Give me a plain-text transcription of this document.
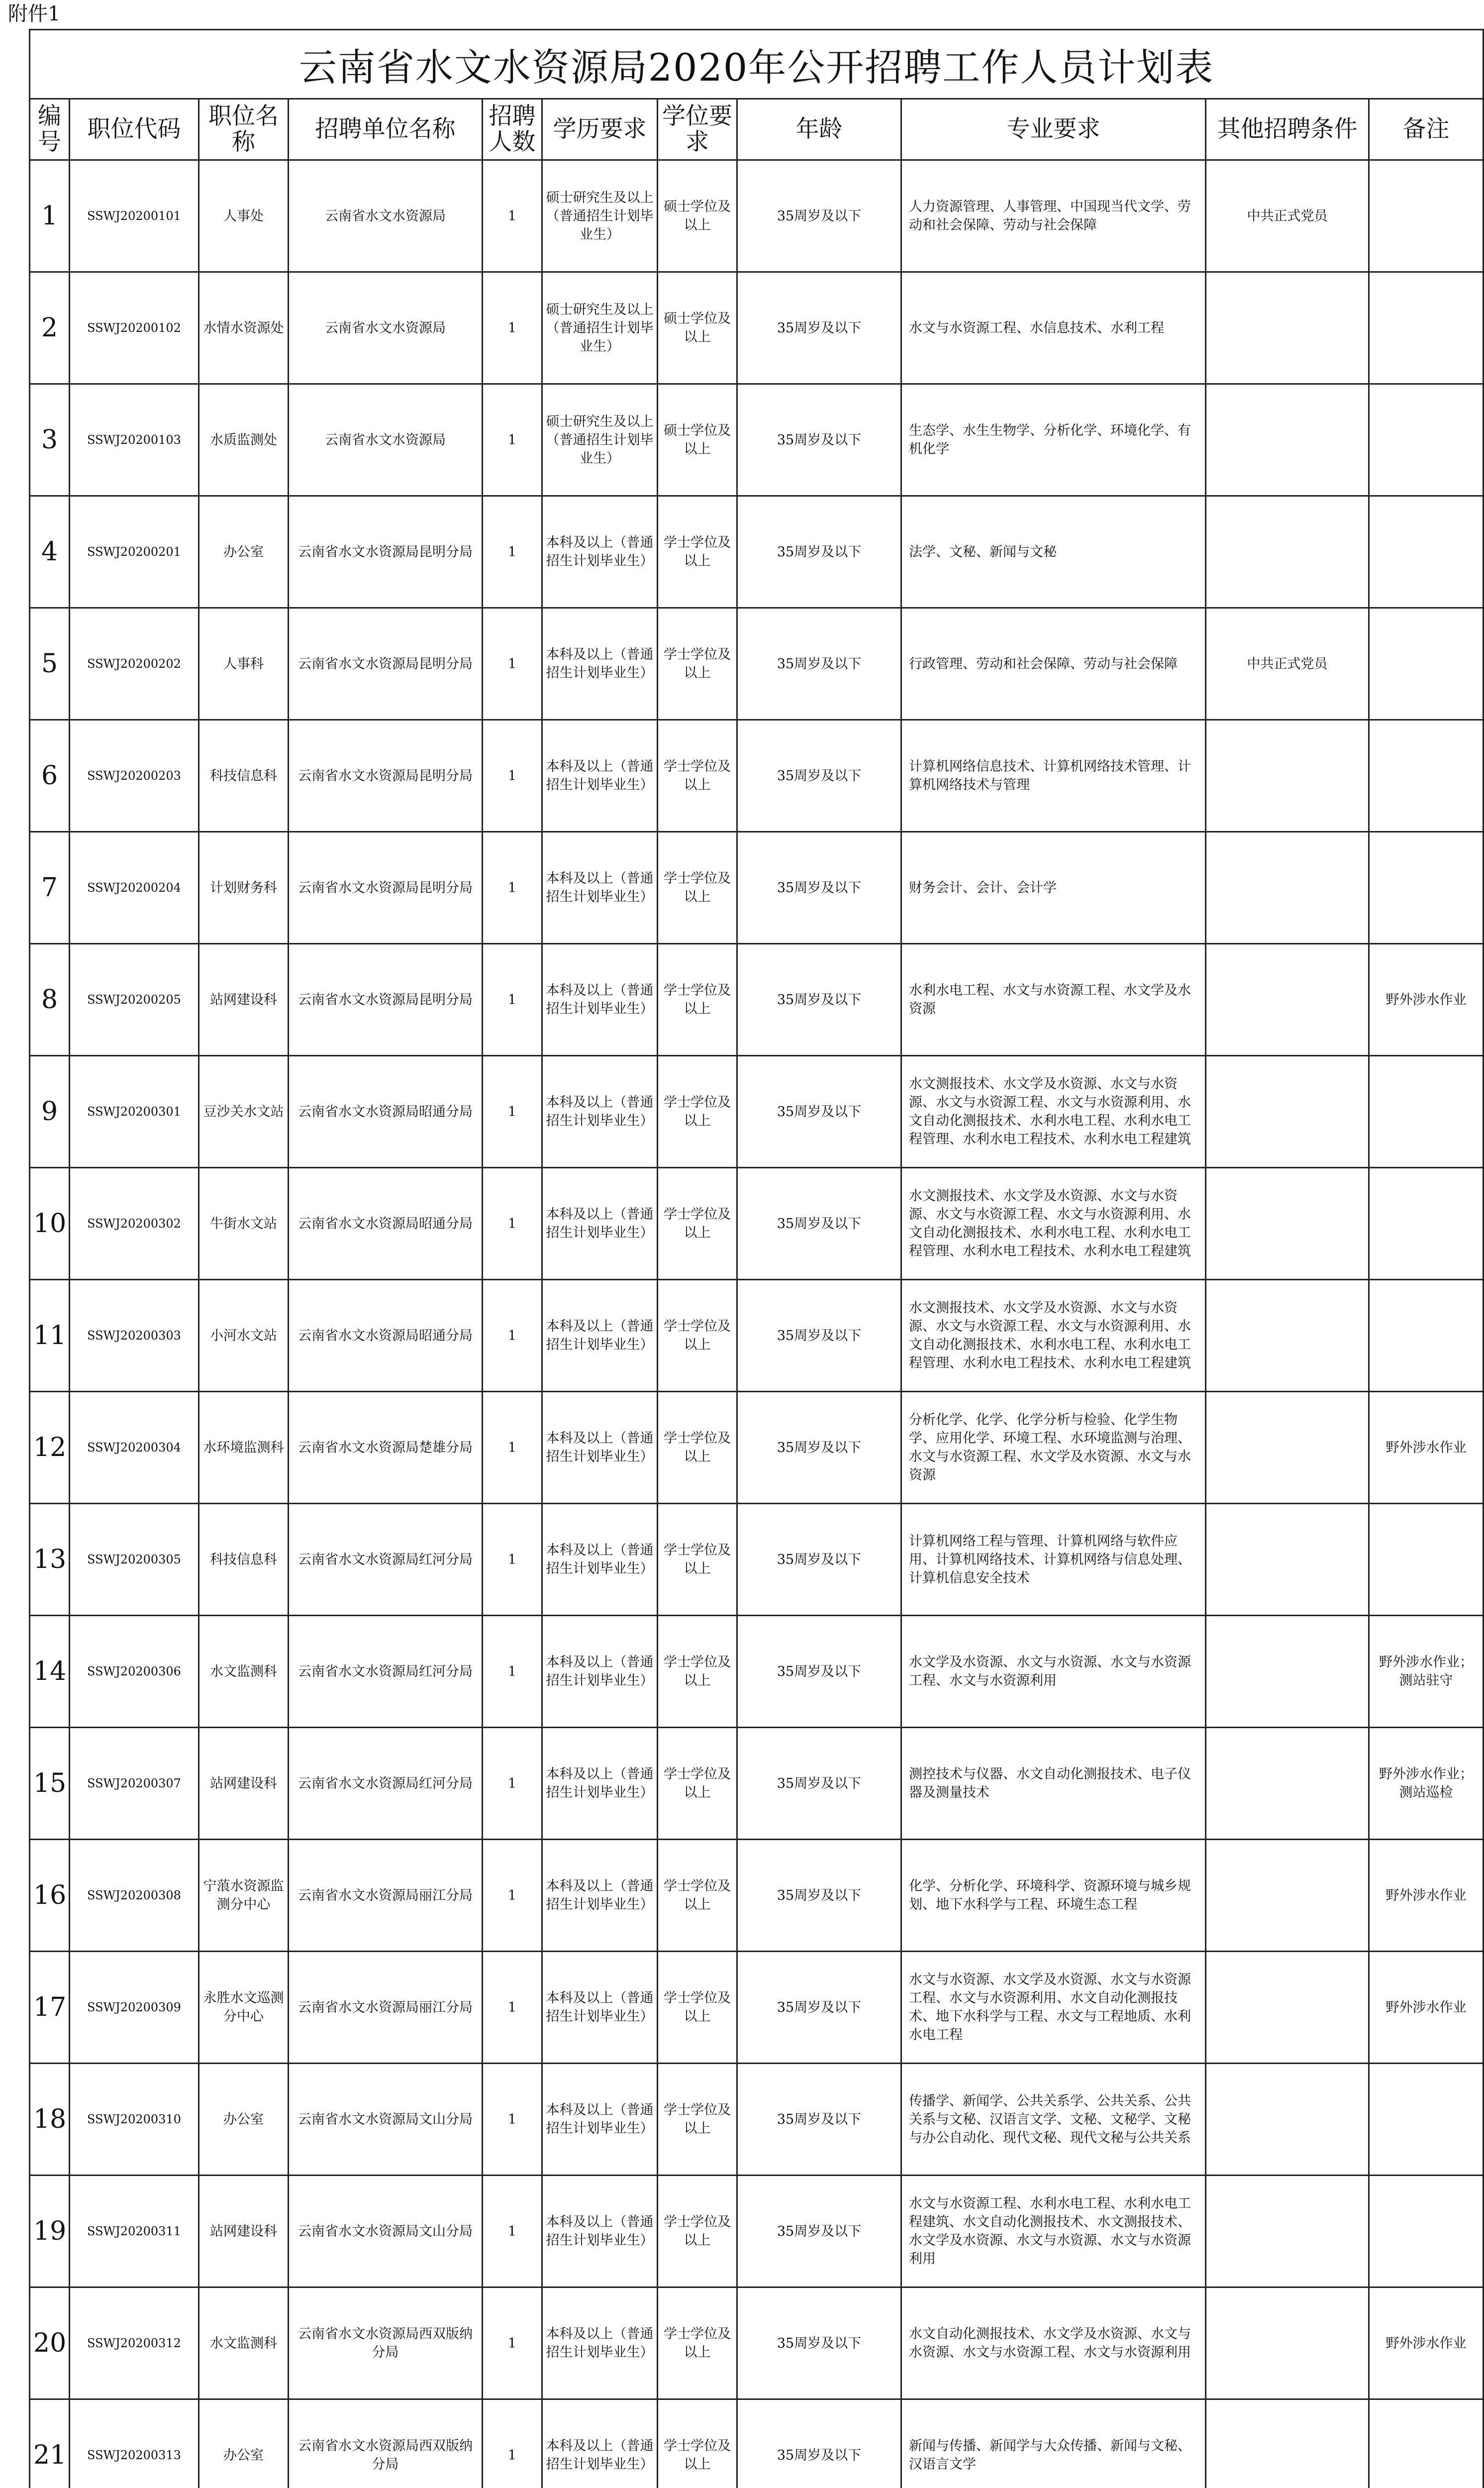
附件1
云南省水文水资源局2020年公开招聘工作人员计划表										
编号	职位代码	职位名称	招聘单位名称	招聘人数	学历要求	学位要求	年龄	专业要求	其他招聘条件	备注
1	SSWJ20200101	人事处	云南省水文水资源局	1	硕士研究生及以上（普通招生计划毕业生）	硕士学位及以上	35周岁及以下	人力资源管理、人事管理、中国现当代文学、劳动和社会保障、劳动与社会保障	中共正式党员	
2	SSWJ20200102	水情水资源处	云南省水文水资源局	1	硕士研究生及以上（普通招生计划毕业生）	硕士学位及以上	35周岁及以下	水文与水资源工程、水信息技术、水利工程		
3	SSWJ20200103	水质监测处	云南省水文水资源局	1	硕士研究生及以上（普通招生计划毕业生）	硕士学位及以上	35周岁及以下	生态学、水生生物学、分析化学、环境化学、有机化学		
4	SSWJ20200201	办公室	云南省水文水资源局昆明分局	1	本科及以上（普通招生计划毕业生）	学士学位及以上	35周岁及以下	法学、文秘、新闻与文秘		
5	SSWJ20200202	人事科	云南省水文水资源局昆明分局	1	本科及以上（普通招生计划毕业生）	学士学位及以上	35周岁及以下	行政管理、劳动和社会保障、劳动与社会保障	中共正式党员	
6	SSWJ20200203	科技信息科	云南省水文水资源局昆明分局	1	本科及以上（普通招生计划毕业生）	学士学位及以上	35周岁及以下	计算机网络信息技术、计算机网络技术管理、计算机网络技术与管理		
7	SSWJ20200204	计划财务科	云南省水文水资源局昆明分局	1	本科及以上（普通招生计划毕业生）	学士学位及以上	35周岁及以下	财务会计、会计、会计学		
8	SSWJ20200205	站网建设科	云南省水文水资源局昆明分局	1	本科及以上（普通招生计划毕业生）	学士学位及以上	35周岁及以下	水利水电工程、水文与水资源工程、水文学及水资源		野外涉水作业
9	SSWJ20200301	豆沙关水文站	云南省水文水资源局昭通分局	1	本科及以上（普通招生计划毕业生）	学士学位及以上	35周岁及以下	水文测报技术、水文学及水资源、水文与水资源、水文与水资源工程、水文与水资源利用、水文自动化测报技术、水利水电工程、水利水电工程管理、水利水电工程技术、水利水电工程建筑		
10	SSWJ20200302	牛街水文站	云南省水文水资源局昭通分局	1	本科及以上（普通招生计划毕业生）	学士学位及以上	35周岁及以下	水文测报技术、水文学及水资源、水文与水资源、水文与水资源工程、水文与水资源利用、水文自动化测报技术、水利水电工程、水利水电工程管理、水利水电工程技术、水利水电工程建筑		
11	SSWJ20200303	小河水文站	云南省水文水资源局昭通分局	1	本科及以上（普通招生计划毕业生）	学士学位及以上	35周岁及以下	水文测报技术、水文学及水资源、水文与水资源、水文与水资源工程、水文与水资源利用、水文自动化测报技术、水利水电工程、水利水电工程管理、水利水电工程技术、水利水电工程建筑		
12	SSWJ20200304	水环境监测科	云南省水文水资源局楚雄分局	1	本科及以上（普通招生计划毕业生）	学士学位及以上	35周岁及以下	分析化学、化学、化学分析与检验、化学生物学、应用化学、环境工程、水环境监测与治理、水文与水资源工程、水文学及水资源、水文与水资源		野外涉水作业
13	SSWJ20200305	科技信息科	云南省水文水资源局红河分局	1	本科及以上（普通招生计划毕业生）	学士学位及以上	35周岁及以下	计算机网络工程与管理、计算机网络与软件应用、计算机网络技术、计算机网络与信息处理、计算机信息安全技术		
14	SSWJ20200306	水文监测科	云南省水文水资源局红河分局	1	本科及以上（普通招生计划毕业生）	学士学位及以上	35周岁及以下	水文学及水资源、水文与水资源、水文与水资源工程、水文与水资源利用		野外涉水作业；测站驻守
15	SSWJ20200307	站网建设科	云南省水文水资源局红河分局	1	本科及以上（普通招生计划毕业生）	学士学位及以上	35周岁及以下	测控技术与仪器、水文自动化测报技术、电子仪器及测量技术		野外涉水作业；测站巡检
16	SSWJ20200308	宁蒗水资源监测分中心	云南省水文水资源局丽江分局	1	本科及以上（普通招生计划毕业生）	学士学位及以上	35周岁及以下	化学、分析化学、环境科学、资源环境与城乡规划、地下水科学与工程、环境生态工程		野外涉水作业
17	SSWJ20200309	永胜水文巡测分中心	云南省水文水资源局丽江分局	1	本科及以上（普通招生计划毕业生）	学士学位及以上	35周岁及以下	水文与水资源、水文学及水资源、水文与水资源工程、水文与水资源利用、水文自动化测报技术、地下水科学与工程、水文与工程地质、水利水电工程		野外涉水作业
18	SSWJ20200310	办公室	云南省水文水资源局文山分局	1	本科及以上（普通招生计划毕业生）	学士学位及以上	35周岁及以下	传播学、新闻学、公共关系学、公共关系、公共关系与文秘、汉语言文学、文秘、文秘学、文秘与办公自动化、现代文秘、现代文秘与公共关系		
19	SSWJ20200311	站网建设科	云南省水文水资源局文山分局	1	本科及以上（普通招生计划毕业生）	学士学位及以上	35周岁及以下	水文与水资源工程、水利水电工程、水利水电工程建筑、水文自动化测报技术、水文测报技术、水文学及水资源、水文与水资源、水文与水资源利用		
20	SSWJ20200312	水文监测科	云南省水文水资源局西双版纳分局	1	本科及以上（普通招生计划毕业生）	学士学位及以上	35周岁及以下	水文自动化测报技术、水文学及水资源、水文与水资源、水文与水资源工程、水文与水资源利用		野外涉水作业
21	SSWJ20200313	办公室	云南省水文水资源局西双版纳分局	1	本科及以上（普通招生计划毕业生）	学士学位及以上	35周岁及以下	新闻与传播、新闻学与大众传播、新闻与文秘、汉语言文学		
